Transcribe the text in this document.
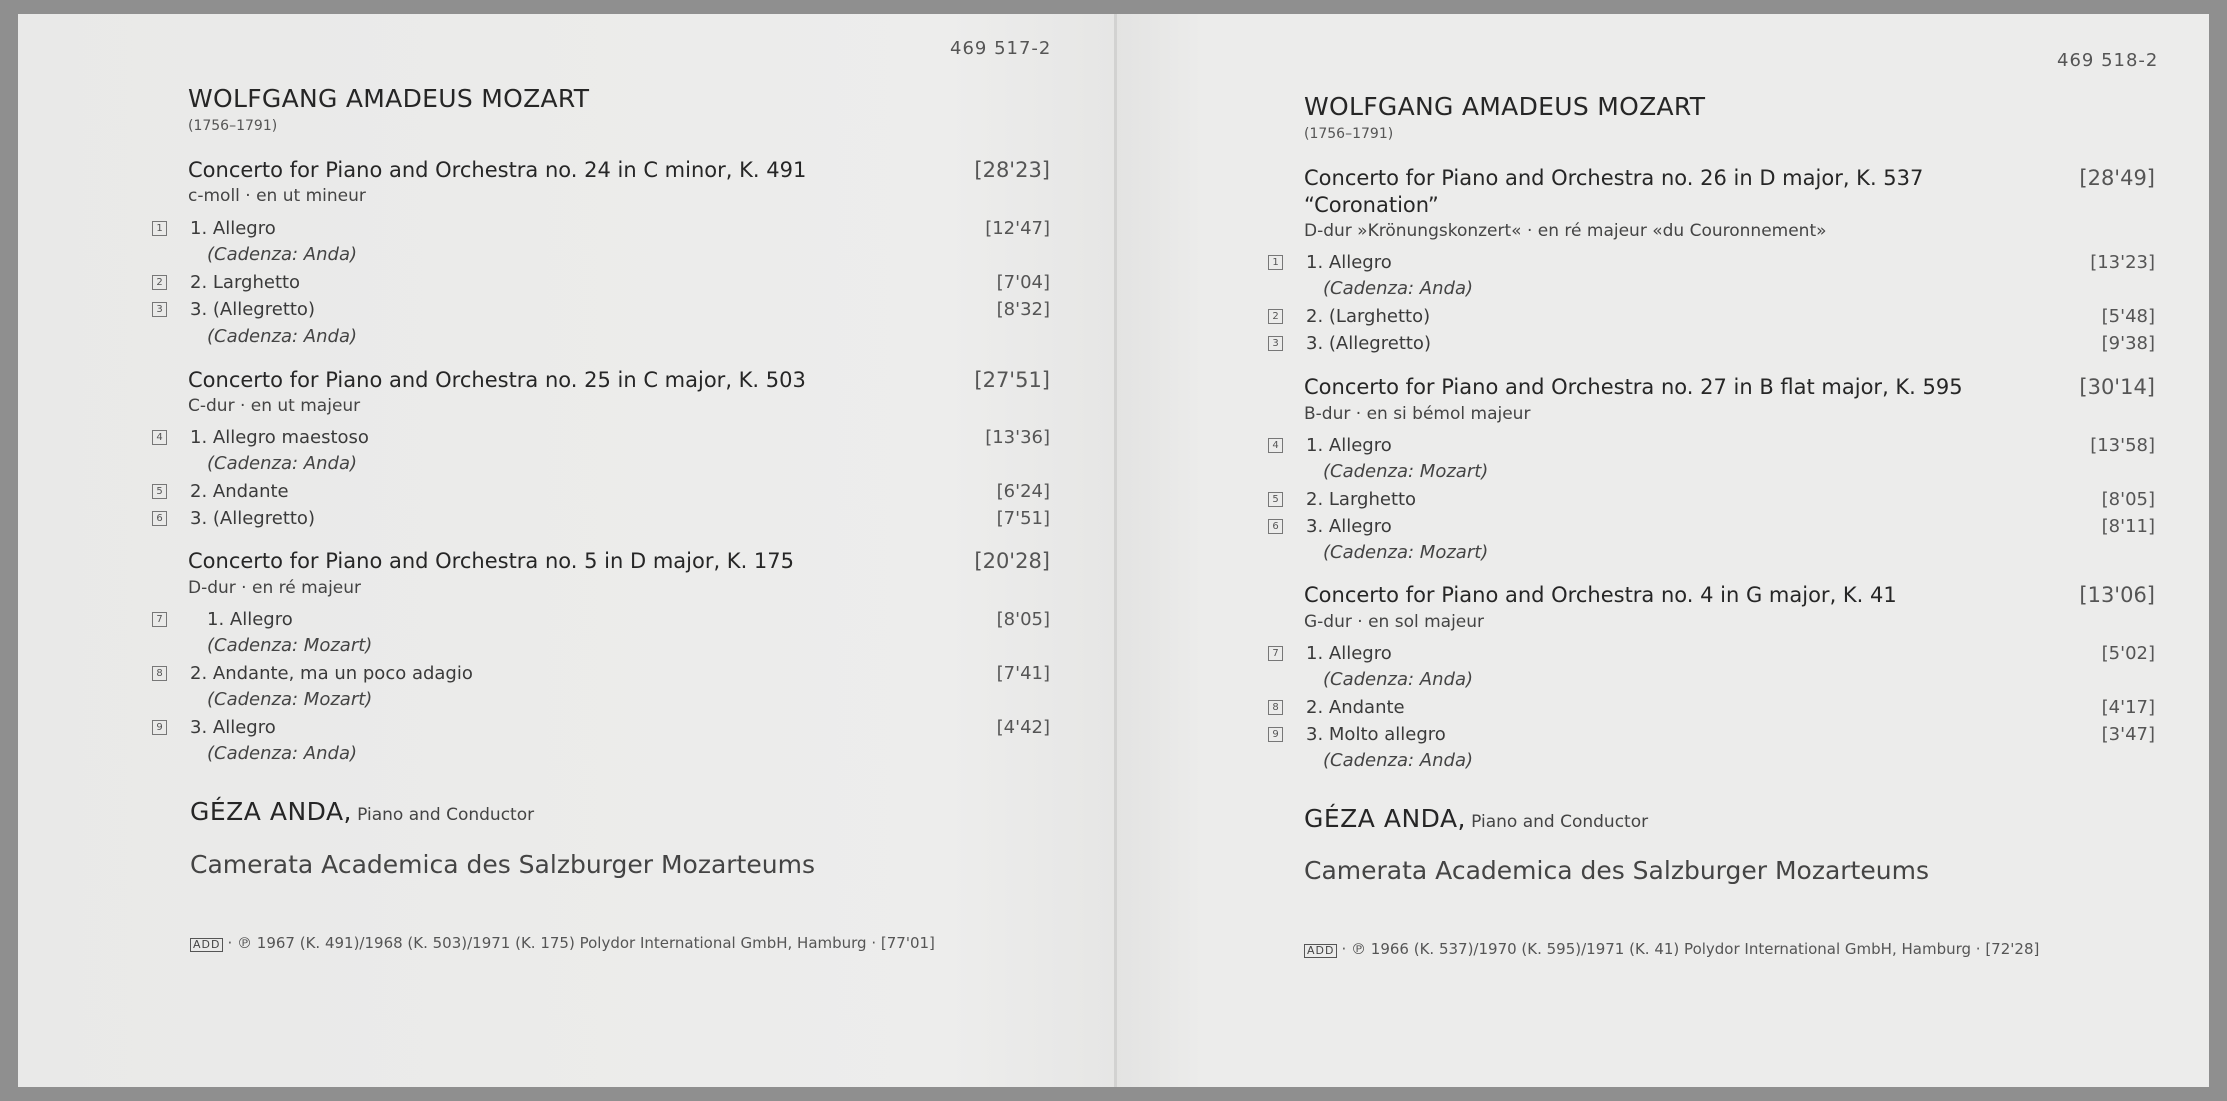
469 517-2
WOLFGANG AMADEUS MOZART
(1756–1791)
Concerto for Piano and Orchestra no. 24 in C minor, K. 491	[28'23]
c-moll · en ut mineur
1 1. Allegro	[12'47]
(Cadenza: Anda)
2 2. Larghetto	[7'04]
3 3. (Allegretto)	[8'32]
(Cadenza: Anda)
Concerto for Piano and Orchestra no. 25 in C major, K. 503	[27'51]
C-dur · en ut majeur
4 1. Allegro maestoso	[13'36]
(Cadenza: Anda)
5 2. Andante	[6'24]
6 3. (Allegretto)	[7'51]
Concerto for Piano and Orchestra no. 5 in D major, K. 175	[20'28]
D-dur · en ré majeur
7 1. Allegro	[8'05]
(Cadenza: Mozart)
8 2. Andante, ma un poco adagio	[7'41]
(Cadenza: Mozart)
9 3. Allegro	[4'42]
(Cadenza: Anda)
GÉZA ANDA, Piano and Conductor
Camerata Academica des Salzburger Mozarteums
ADD · ℗ 1967 (K. 491)/1968 (K. 503)/1971 (K. 175) Polydor International GmbH, Hamburg · [77'01]
469 518-2
WOLFGANG AMADEUS MOZART
(1756–1791)
Concerto for Piano and Orchestra no. 26 in D major, K. 537	[28'49]
“Coronation”
D-dur »Krönungskonzert« · en ré majeur «du Couronnement»
1 1. Allegro	[13'23]
(Cadenza: Anda)
2 2. (Larghetto)	[5'48]
3 3. (Allegretto)	[9'38]
Concerto for Piano and Orchestra no. 27 in B flat major, K. 595	[30'14]
B-dur · en si bémol majeur
4 1. Allegro	[13'58]
(Cadenza: Mozart)
5 2. Larghetto	[8'05]
6 3. Allegro	[8'11]
(Cadenza: Mozart)
Concerto for Piano and Orchestra no. 4 in G major, K. 41	[13'06]
G-dur · en sol majeur
7 1. Allegro	[5'02]
(Cadenza: Anda)
8 2. Andante	[4'17]
9 3. Molto allegro	[3'47]
(Cadenza: Anda)
GÉZA ANDA, Piano and Conductor
Camerata Academica des Salzburger Mozarteums
ADD · ℗ 1966 (K. 537)/1970 (K. 595)/1971 (K. 41) Polydor International GmbH, Hamburg · [72'28]
